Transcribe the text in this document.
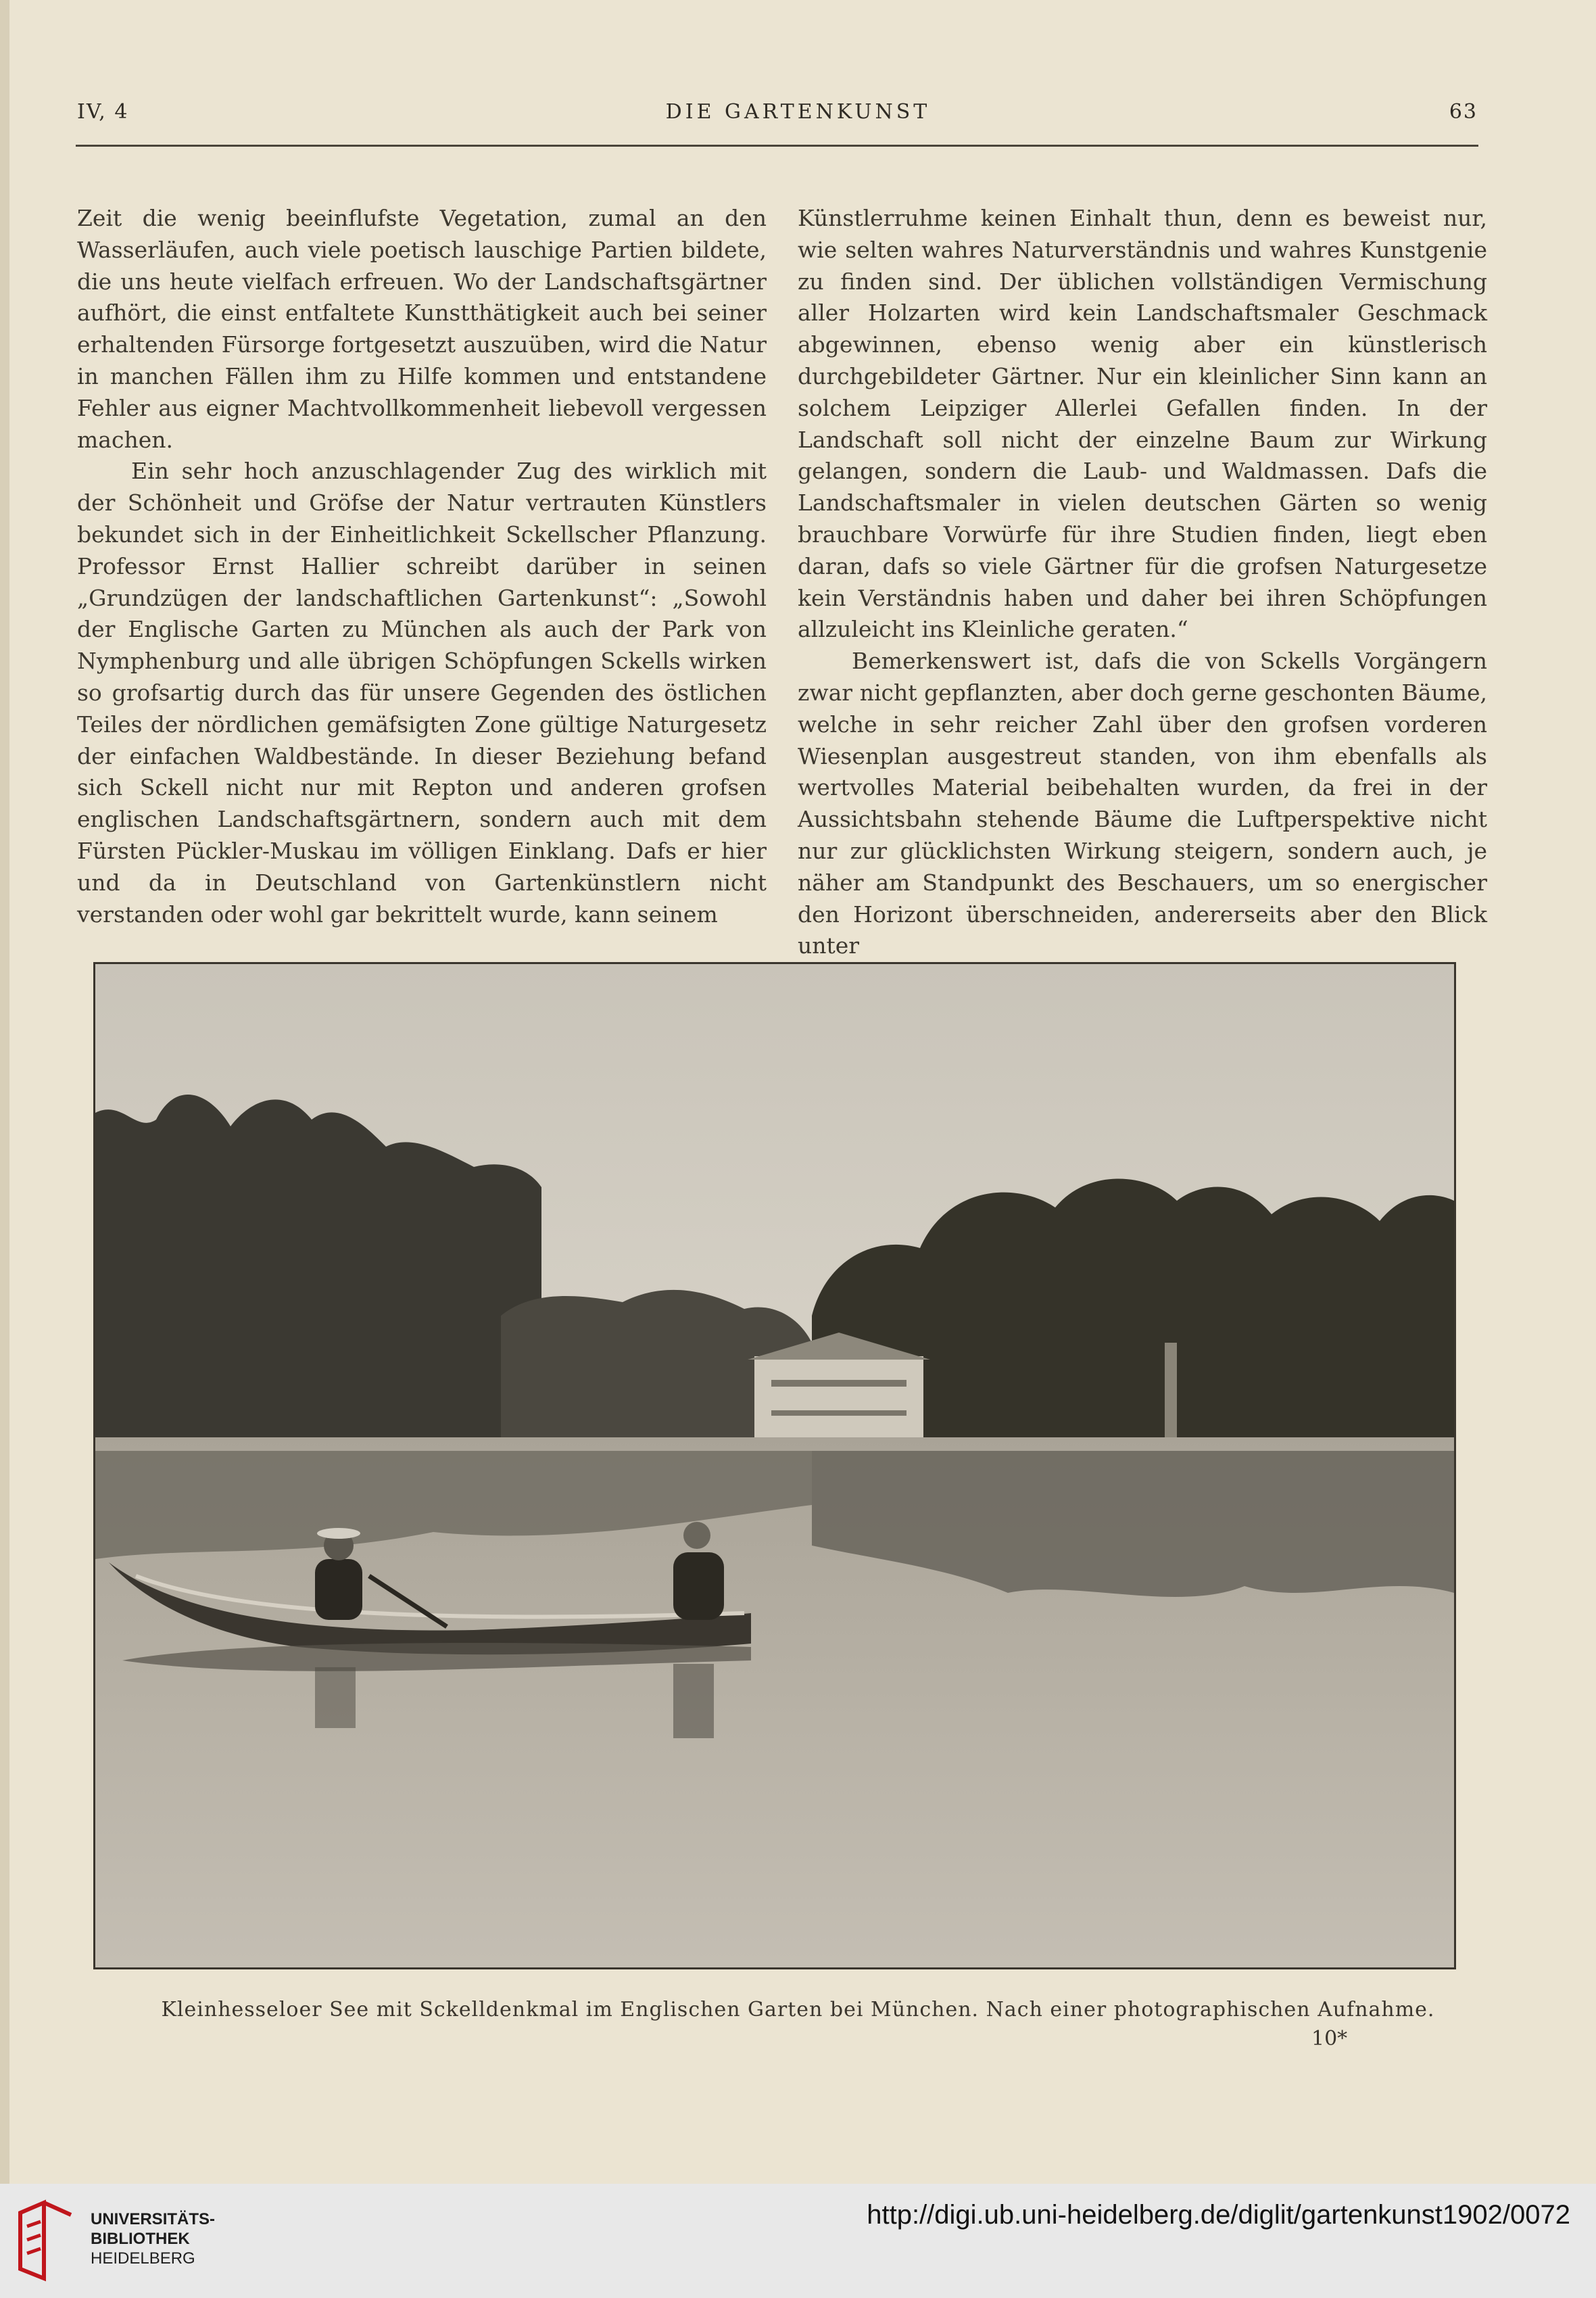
IV, 4	DIE GARTENKUNST	63

Zeit die wenig beeinflufste Vegetation, zumal an den Wasserläufen, auch viele poetisch lauschige Partien bildete, die uns heute vielfach erfreuen. Wo der Landschaftsgärtner aufhört, die einst entfaltete Kunstthätigkeit auch bei seiner erhaltenden Fürsorge fortgesetzt auszuüben, wird die Natur in manchen Fällen ihm zu Hilfe kommen und entstandene Fehler aus eigner Machtvollkommenheit liebevoll vergessen machen.

Ein sehr hoch anzuschlagender Zug des wirklich mit der Schönheit und Gröfse der Natur vertrauten Künstlers bekundet sich in der Einheitlichkeit Sckellscher Pflanzung. Professor Ernst Hallier schreibt darüber in seinen „Grundzügen der landschaftlichen Gartenkunst“: „Sowohl der Englische Garten zu München als auch der Park von Nymphenburg und alle übrigen Schöpfungen Sckells wirken so grofsartig durch das für unsere Gegenden des östlichen Teiles der nördlichen gemäfsigten Zone gültige Naturgesetz der einfachen Waldbestände. In dieser Beziehung befand sich Sckell nicht nur mit Repton und anderen grofsen englischen Landschaftsgärtnern, sondern auch mit dem Fürsten Pückler-Muskau im völligen Einklang. Dafs er hier und da in Deutschland von Gartenkünstlern nicht verstanden oder wohl gar bekrittelt wurde, kann seinem

Künstlerruhme keinen Einhalt thun, denn es beweist nur, wie selten wahres Naturverständnis und wahres Kunstgenie zu finden sind. Der üblichen vollständigen Vermischung aller Holzarten wird kein Landschaftsmaler Geschmack abgewinnen, ebenso wenig aber ein künstlerisch durchgebildeter Gärtner. Nur ein kleinlicher Sinn kann an solchem Leipziger Allerlei Gefallen finden. In der Landschaft soll nicht der einzelne Baum zur Wirkung gelangen, sondern die Laub- und Waldmassen. Dafs die Landschaftsmaler in vielen deutschen Gärten so wenig brauchbare Vorwürfe für ihre Studien finden, liegt eben daran, dafs so viele Gärtner für die grofsen Naturgesetze kein Verständnis haben und daher bei ihren Schöpfungen allzuleicht ins Kleinliche geraten.“

Bemerkenswert ist, dafs die von Sckells Vorgängern zwar nicht gepflanzten, aber doch gerne geschonten Bäume, welche in sehr reicher Zahl über den grofsen vorderen Wiesenplan ausgestreut standen, von ihm ebenfalls als wertvolles Material beibehalten wurden, da frei in der Aussichtsbahn stehende Bäume die Luftperspektive nicht nur zur glücklichsten Wirkung steigern, sondern auch, je näher am Standpunkt des Beschauers, um so energischer den Horizont überschneiden, andererseits aber den Blick unter

Kleinhesseloer See mit Sckelldenkmal im Englischen Garten bei München. Nach einer photographischen Aufnahme.
10*
UNIVERSITÄTS-
BIBLIOTHEK
HEIDELBERG
http://digi.ub.uni-heidelberg.de/diglit/gartenkunst1902/0072
